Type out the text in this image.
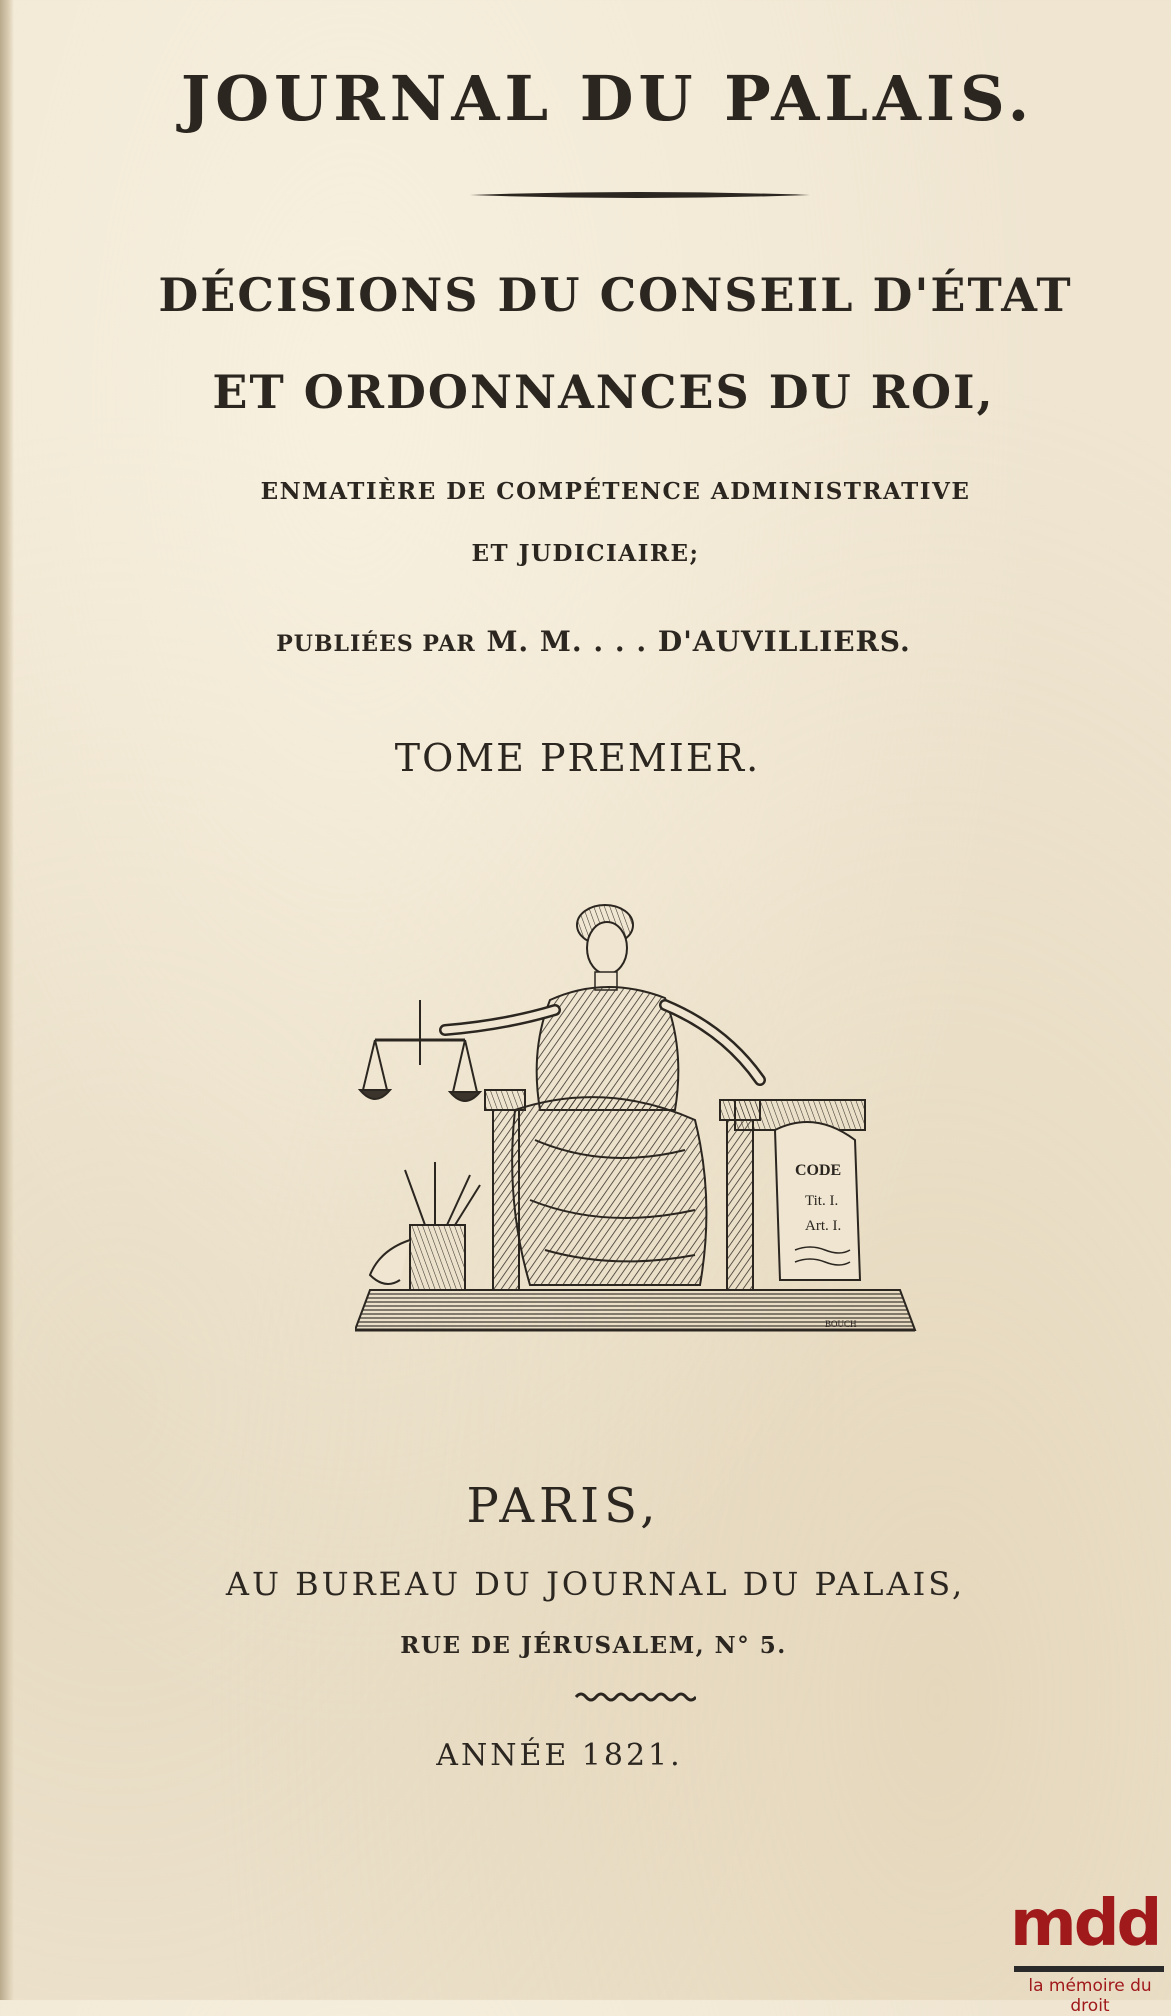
JOURNAL DU PALAIS.
DÉCISIONS DU CONSEIL D'ÉTAT
ET ORDONNANCES DU ROI,
ENMATIÈRE DE COMPÉTENCE ADMINISTRATIVE
ET JUDICIAIRE;
PUBLIÉES PAR M. M. . . . D'AUVILLIERS.
TOME PREMIER.
BOUCH
CODE
Tit. I.
Art. I.
PARIS,
AU BUREAU DU JOURNAL DU PALAIS,
RUE DE JÉRUSALEM, N° 5.
ANNÉE 1821.
mdd
la mémoire du droit
